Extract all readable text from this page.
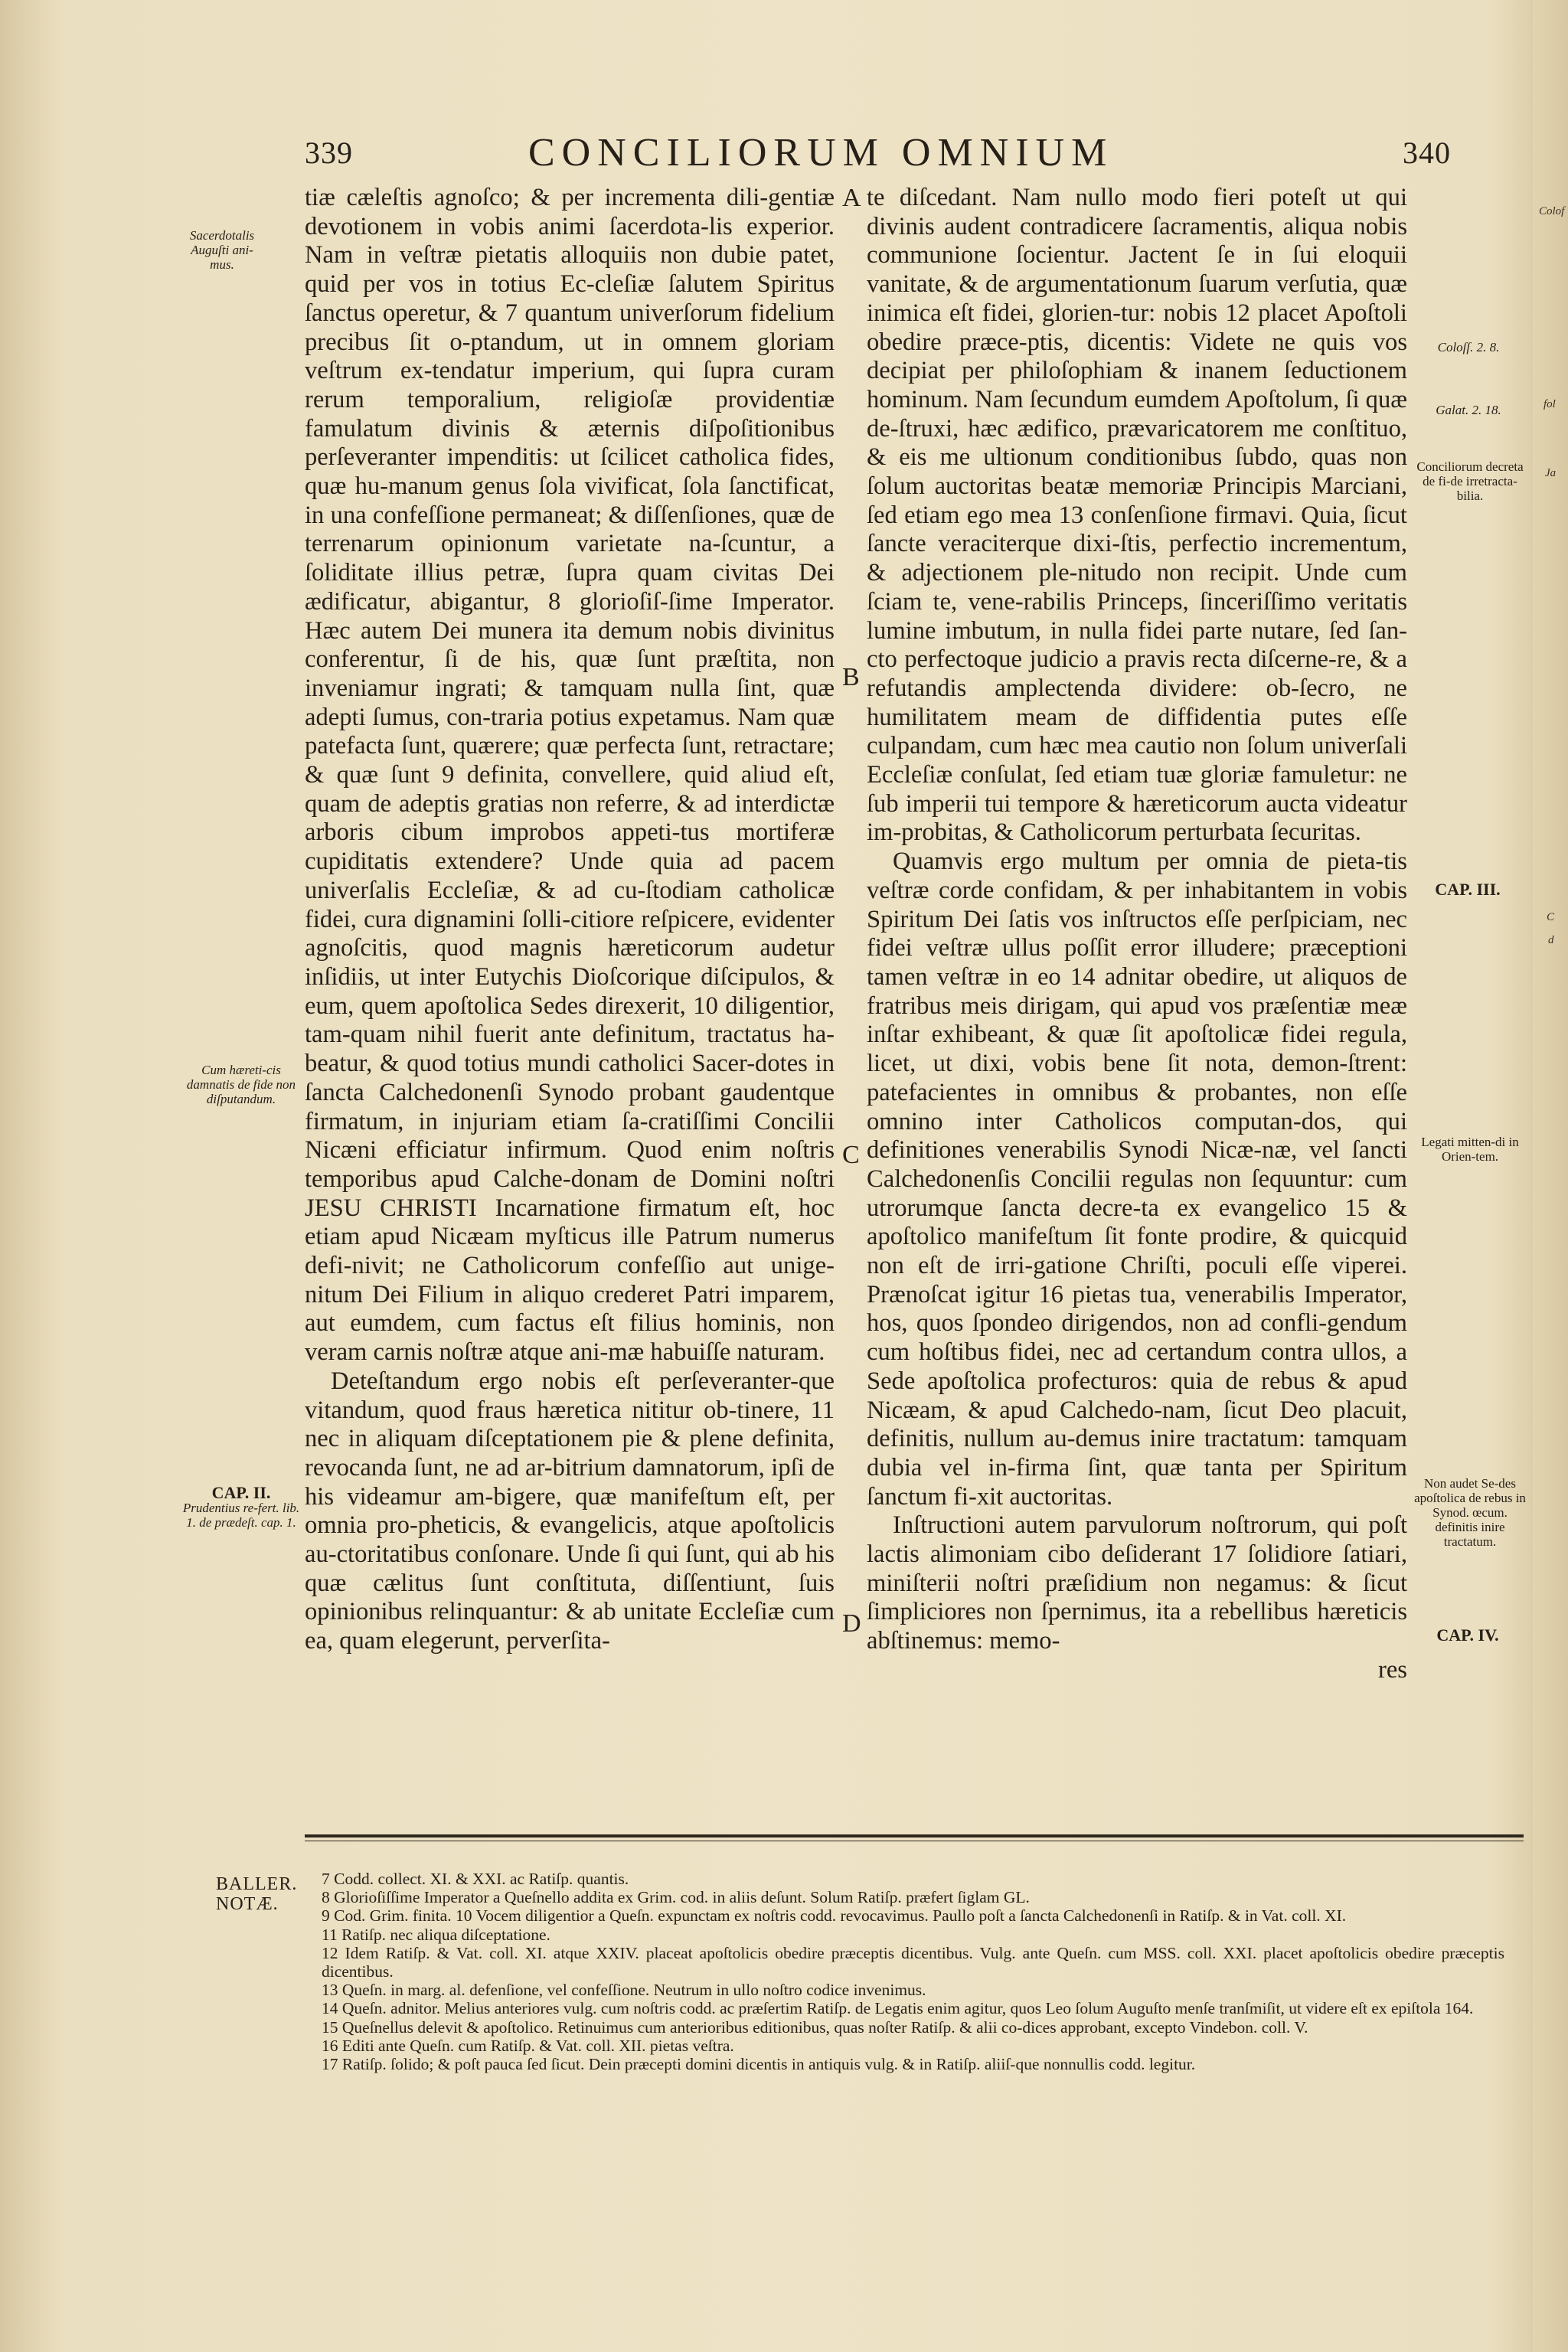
Colof
fol
Ja
C
d
339	CONCILIORUM OMNIUM	340

tiæ cæleſtis agnoſco; & per incrementa dili-gentiæ devotionem in vobis animi ſacerdota-lis experior. Nam in veſtræ pietatis alloquiis non dubie patet, quid per vos in totius Ec-cleſiæ ſalutem Spiritus ſanctus operetur, & 7 quantum univerſorum fidelium precibus ſit o-ptandum, ut in omnem gloriam veſtrum ex-tendatur imperium, qui ſupra curam rerum temporalium, religioſæ providentiæ famulatum divinis & æternis diſpoſitionibus perſeveranter impenditis: ut ſcilicet catholica fides, quæ hu-manum genus ſola vivificat, ſola ſanctificat, in una confeſſione permaneat; & diſſenſiones, quæ de terrenarum opinionum varietate na-ſcuntur, a ſoliditate illius petræ, ſupra quam civitas Dei ædificatur, abigantur, 8 glorioſiſ-ſime Imperator. Hæc autem Dei munera ita demum nobis divinitus conferentur, ſi de his, quæ ſunt præſtita, non inveniamur ingrati; & tamquam nulla ſint, quæ adepti ſumus, con-traria potius expetamus. Nam quæ patefacta ſunt, quærere; quæ perfecta ſunt, retractare; & quæ ſunt 9 definita, convellere, quid aliud eſt, quam de adeptis gratias non referre, & ad interdictæ arboris cibum improbos appeti-tus mortiferæ cupiditatis extendere? Unde quia ad pacem univerſalis Eccleſiæ, & ad cu-ſtodiam catholicæ fidei, cura dignamini ſolli-citiore reſpicere, evidenter agnoſcitis, quod magnis hæreticorum audetur inſidiis, ut inter Eutychis Dioſcorique diſcipulos, & eum, quem apoſtolica Sedes direxerit, 10 diligentior, tam-quam nihil fuerit ante definitum, tractatus ha-beatur, & quod totius mundi catholici Sacer-dotes in ſancta Calchedonenſi Synodo probant gaudentque firmatum, in injuriam etiam ſa-cratiſſimi Concilii Nicæni efficiatur infirmum. Quod enim noſtris temporibus apud Calche-donam de Domini noſtri JESU CHRISTI Incarnatione firmatum eſt, hoc etiam apud Nicæam myſticus ille Patrum numerus defi-nivit; ne Catholicorum confeſſio aut unige-nitum Dei Filium in aliquo crederet Patri imparem, aut eumdem, cum factus eſt filius hominis, non veram carnis noſtræ atque ani-mæ habuiſſe naturam.

Deteſtandum ergo nobis eſt perſeveranter-que vitandum, quod fraus hæretica nititur ob-tinere, 11 nec in aliquam diſceptationem pie & plene definita, revocanda ſunt, ne ad ar-bitrium damnatorum, ipſi de his videamur am-bigere, quæ manifeſtum eſt, per omnia pro-pheticis, & evangelicis, atque apoſtolicis au-ctoritatibus conſonare. Unde ſi qui ſunt, qui ab his quæ cælitus ſunt conſtituta, diſſentiunt, ſuis opinionibus relinquantur: & ab unitate Eccleſiæ cum ea, quam elegerunt, perverſita-

te diſcedant. Nam nullo modo fieri poteſt ut qui divinis audent contradicere ſacramentis, aliqua nobis communione ſocientur. Jactent ſe in ſui eloquii vanitate, & de argumentationum ſuarum verſutia, quæ inimica eſt fidei, glorien-tur: nobis 12 placet Apoſtoli obedire præce-ptis, dicentis: Videte ne quis vos decipiat per philoſophiam & inanem ſeductionem hominum. Nam ſecundum eumdem Apoſtolum, ſi quæ de-ſtruxi, hæc ædifico, prævaricatorem me conſtituo, & eis me ultionum conditionibus ſubdo, quas non ſolum auctoritas beatæ memoriæ Principis Marciani, ſed etiam ego mea 13 conſenſione firmavi. Quia, ſicut ſancte veraciterque dixi-ſtis, perfectio incrementum, & adjectionem ple-nitudo non recipit. Unde cum ſciam te, vene-rabilis Princeps, ſinceriſſimo veritatis lumine imbutum, in nulla fidei parte nutare, ſed ſan-cto perfectoque judicio a pravis recta diſcerne-re, & a refutandis amplectenda dividere: ob-ſecro, ne humilitatem meam de diffidentia putes eſſe culpandam, cum hæc mea cautio non ſolum univerſali Eccleſiæ conſulat, ſed etiam tuæ gloriæ famuletur: ne ſub imperii tui tempore & hæreticorum aucta videatur im-probitas, & Catholicorum perturbata ſecuritas.

Quamvis ergo multum per omnia de pieta-tis veſtræ corde confidam, & per inhabitantem in vobis Spiritum Dei ſatis vos inſtructos eſſe perſpiciam, nec fidei veſtræ ullus poſſit error illudere; præceptioni tamen veſtræ in eo 14 adnitar obedire, ut aliquos de fratribus meis dirigam, qui apud vos præſentiæ meæ inſtar exhibeant, & quæ ſit apoſtolicæ fidei regula, licet, ut dixi, vobis bene ſit nota, demon-ſtrent: patefacientes in omnibus & probantes, non eſſe omnino inter Catholicos computan-dos, qui definitiones venerabilis Synodi Nicæ-næ, vel ſancti Calchedonenſis Concilii regulas non ſequuntur: cum utrorumque ſancta decre-ta ex evangelico 15 & apoſtolico manifeſtum ſit fonte prodire, & quicquid non eſt de irri-gatione Chriſti, poculi eſſe viperei. Prænoſcat igitur 16 pietas tua, venerabilis Imperator, hos, quos ſpondeo dirigendos, non ad confli-gendum cum hoſtibus fidei, nec ad certandum contra ullos, a Sede apoſtolica profecturos: quia de rebus & apud Nicæam, & apud Calchedo-nam, ſicut Deo placuit, definitis, nullum au-demus inire tractatum: tamquam dubia vel in-firma ſint, quæ tanta per Spiritum ſanctum fi-xit auctoritas.

Inſtructioni autem parvulorum noſtrorum, qui poſt lactis alimoniam cibo deſiderant 17 ſolidiore ſatiari, miniſterii noſtri præſidium non negamus: & ſicut ſimpliciores non ſpernimus, ita a rebellibus hæreticis abſtinemus: memo-

res

A
B
C
D
Sacerdotalis Auguſti ani-mus.
Cum hæreti-cis damnatis de fide non diſputandum.
CAP. II.
Prudentius re-fert. lib. 1. de prædeſt. cap. 1.
Coloſſ. 2. 8.
Galat. 2. 18.
Conciliorum decreta de fi-de irretracta-bilia.
CAP. III.
Legati mitten-di in Orien-tem.
Non audet Se-des apoſtolica de rebus in Synod. œcum. definitis inire tractatum.
CAP. IV.
BALLER. NOTÆ.

7 Codd. collect. XI. & XXI. ac Ratiſp. quantis.

8 Glorioſiſſime Imperator a Queſnello addita ex Grim. cod. in aliis deſunt. Solum Ratiſp. præfert ſiglam GL.

9 Cod. Grim. finita. 10 Vocem diligentior a Queſn. expunctam ex noſtris codd. revocavimus. Paullo poſt a ſancta Calchedonenſi in Ratiſp. & in Vat. coll. XI.

11 Ratiſp. nec aliqua diſceptatione.

12 Idem Ratiſp. & Vat. coll. XI. atque XXIV. placeat apoſtolicis obedire præceptis dicentibus. Vulg. ante Queſn. cum MSS. coll. XXI. placet apoſtolicis obedire præceptis dicentibus.

13 Queſn. in marg. al. defenſione, vel confeſſione. Neutrum in ullo noſtro codice invenimus.

14 Queſn. adnitor. Melius anteriores vulg. cum noſtris codd. ac præſertim Ratiſp. de Legatis enim agitur, quos Leo ſolum Auguſto menſe tranſmiſit, ut videre eſt ex epiſtola 164.

15 Queſnellus delevit & apoſtolico. Retinuimus cum anterioribus editionibus, quas noſter Ratiſp. & alii co-dices approbant, excepto Vindebon. coll. V.

16 Editi ante Queſn. cum Ratiſp. & Vat. coll. XII. pietas veſtra.

17 Ratiſp. ſolido; & poſt pauca ſed ſicut. Dein præcepti domini dicentis in antiquis vulg. & in Ratiſp. aliiſ-que nonnullis codd. legitur.
